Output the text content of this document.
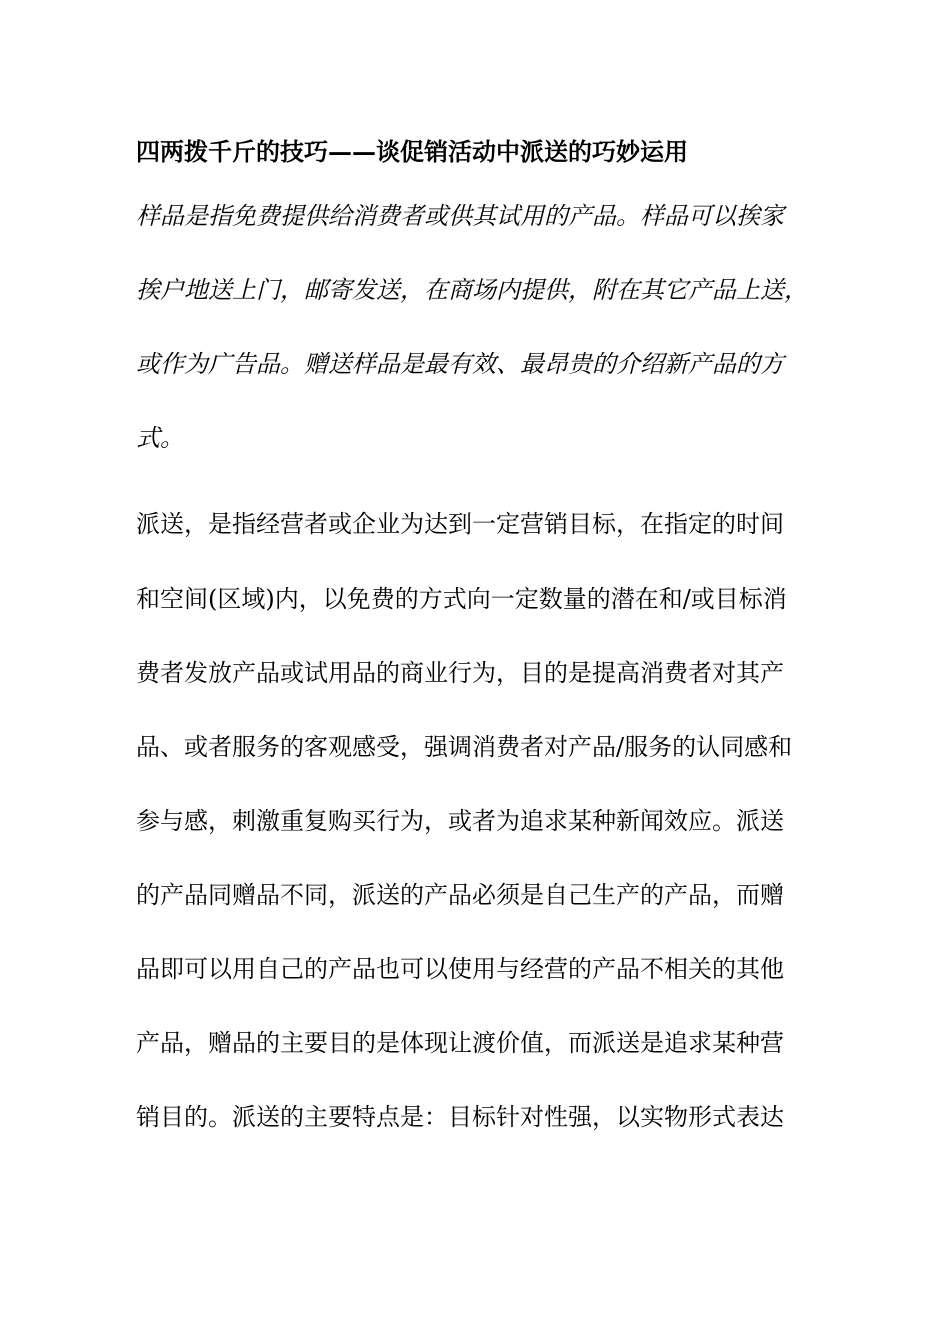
四两拨千斤的技巧——谈促销活动中派送的巧妙运用

样品是指免费提供给消费者或供其试用的产品。样品可以挨家

挨户地送上门，邮寄发送，在商场内提供，附在其它产品上送，

或作为广告品。赠送样品是最有效、最昂贵的介绍新产品的方

式。

派送，是指经营者或企业为达到一定营销目标，在指定的时间

和空间(区域)内，以免费的方式向一定数量的潜在和/或目标消

费者发放产品或试用品的商业行为，目的是提高消费者对其产

品、或者服务的客观感受，强调消费者对产品/服务的认同感和

参与感，刺激重复购买行为，或者为追求某种新闻效应。派送

的产品同赠品不同，派送的产品必须是自己生产的产品，而赠

品即可以用自己的产品也可以使用与经营的产品不相关的其他

产品，赠品的主要目的是体现让渡价值，而派送是追求某种营

销目的。派送的主要特点是：目标针对性强，以实物形式表达
